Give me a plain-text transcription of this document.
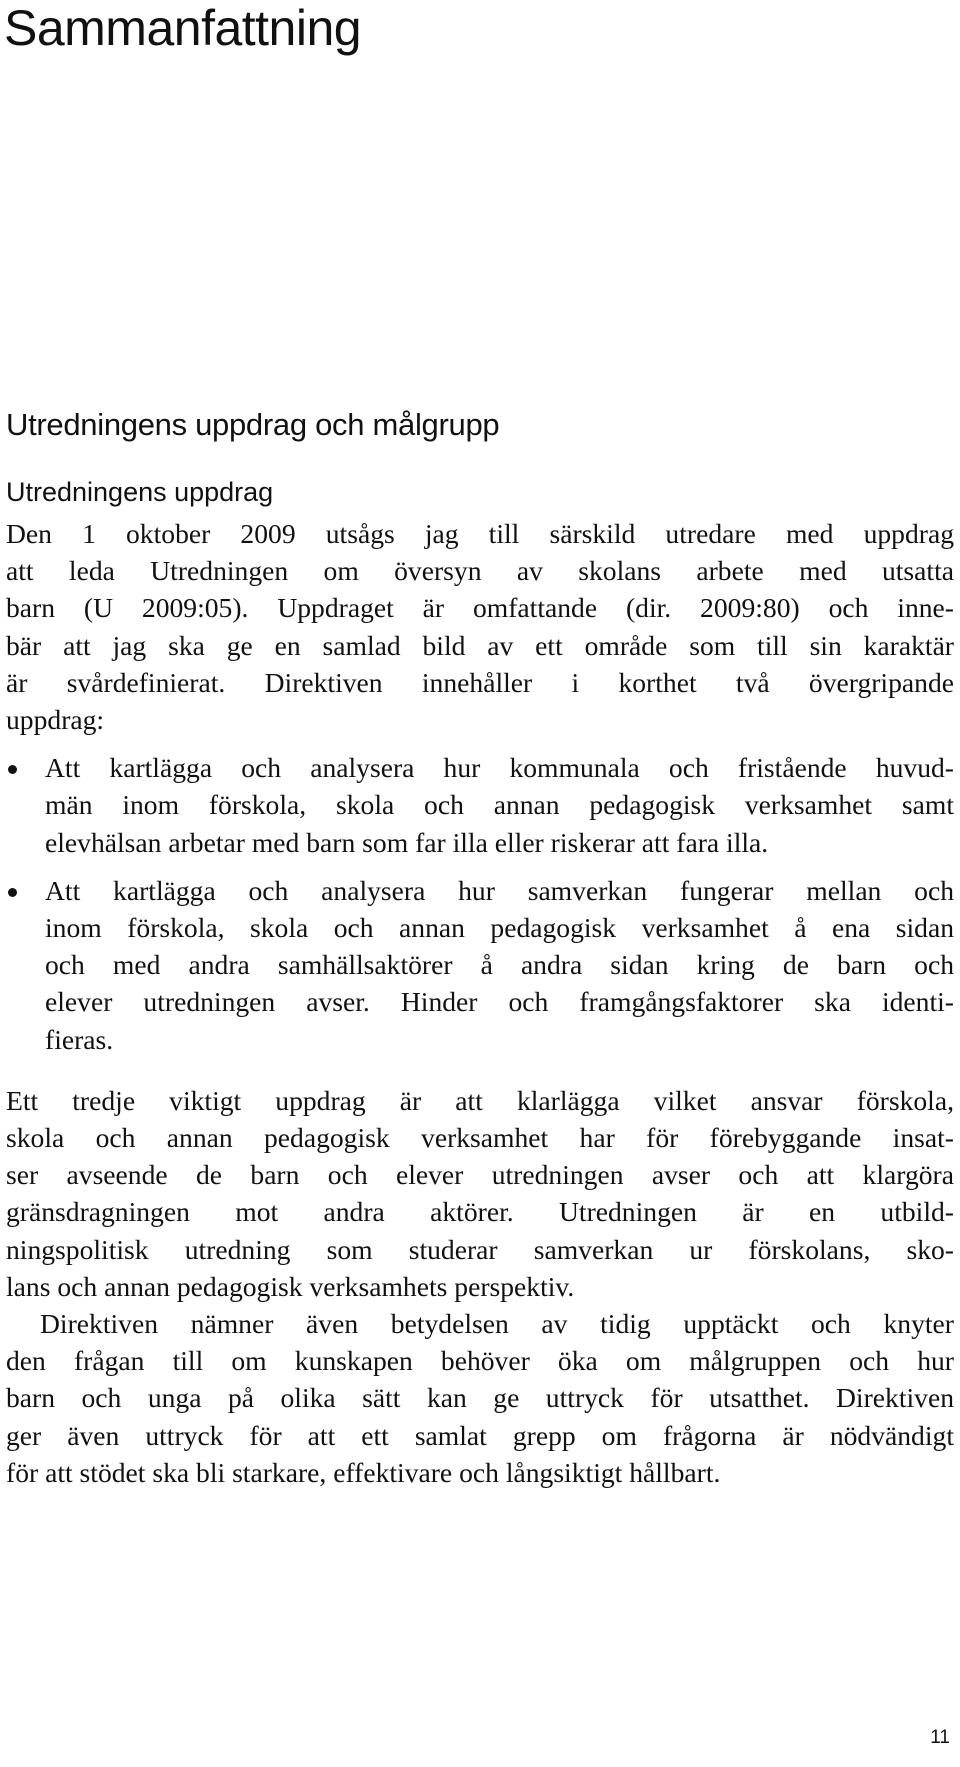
Sammanfattning
Utredningens uppdrag och målgrupp
Utredningens uppdrag

Den 1 oktober 2009 utsågs jag till särskild utredare med uppdrag
att leda Utredningen om översyn av skolans arbete med utsatta
barn (U 2009:05). Uppdraget är omfattande (dir. 2009:80) och inne-
bär att jag ska ge en samlad bild av ett område som till sin karaktär
är svårdefinierat. Direktiven innehåller i korthet två övergripande
uppdrag:

Att kartlägga och analysera hur kommunala och fristående huvud-
män inom förskola, skola och annan pedagogisk verksamhet samt
elevhälsan arbetar med barn som far illa eller riskerar att fara illa.
Att kartlägga och analysera hur samverkan fungerar mellan och
inom förskola, skola och annan pedagogisk verksamhet å ena sidan
och med andra samhällsaktörer å andra sidan kring de barn och
elever utredningen avser. Hinder och framgångsfaktorer ska identi-
fieras.

Ett tredje viktigt uppdrag är att klarlägga vilket ansvar förskola,
skola och annan pedagogisk verksamhet har för förebyggande insat-
ser avseende de barn och elever utredningen avser och att klargöra
gränsdragningen mot andra aktörer. Utredningen är en utbild-
ningspolitisk utredning som studerar samverkan ur förskolans, sko-
lans och annan pedagogisk verksamhets perspektiv.

Direktiven nämner även betydelsen av tidig upptäckt och knyter
den frågan till om kunskapen behöver öka om målgruppen och hur
barn och unga på olika sätt kan ge uttryck för utsatthet. Direktiven
ger även uttryck för att ett samlat grepp om frågorna är nödvändigt
för att stödet ska bli starkare, effektivare och långsiktigt hållbart.

11
